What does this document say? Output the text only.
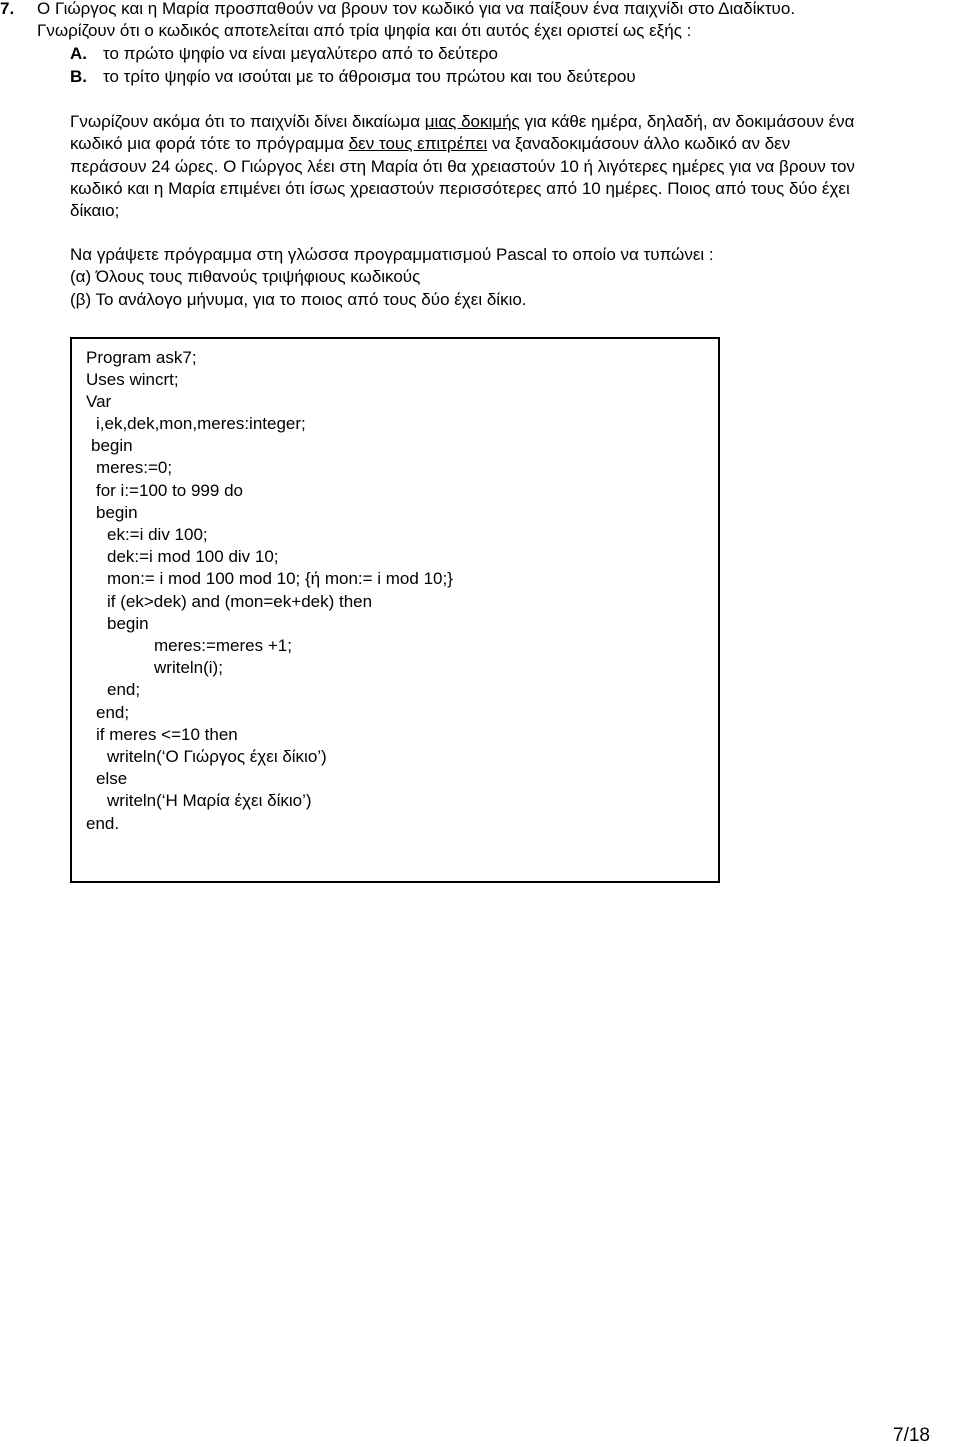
7. Ο Γιώργος και η Μαρία προσπαθούν να βρουν τον κωδικό για να παίξουν ένα παιχνίδι στο Διαδίκτυο.
Γνωρίζουν ότι ο κωδικός αποτελείται από τρία ψηφία και ότι αυτός έχει οριστεί ως εξής :
A. το πρώτο ψηφίο να είναι μεγαλύτερο από το δεύτερο
B. το τρίτο ψηφίο να ισούται με το άθροισμα του πρώτου και του δεύτερου
Γνωρίζουν ακόμα ότι το παιχνίδι δίνει δικαίωμα μιας δοκιμής για κάθε ημέρα, δηλαδή, αν δοκιμάσουν ένα
κωδικό μια φορά τότε το πρόγραμμα δεν τους επιτρέπει να ξαναδοκιμάσουν άλλο κωδικό αν δεν
περάσουν 24 ώρες. Ο Γιώργος λέει στη Μαρία ότι θα χρειαστούν 10 ή λιγότερες ημέρες για να βρουν τον
κωδικό και η Μαρία επιμένει ότι ίσως χρειαστούν περισσότερες από 10 ημέρες. Ποιος από τους δύο έχει
δίκαιο;
Να γράψετε πρόγραμμα στη γλώσσα προγραμματισμού Pascal το οποίο να τυπώνει :
(α) Όλους τους πιθανούς τριψήφιους κωδικούς
(β) Το ανάλογο μήνυμα, για το ποιος από τους δύο έχει δίκιο.
Program ask7;
Uses wincrt;
Var
i,ek,dek,mon,meres:integer;
begin
meres:=0;
for i:=100 to 999 do
begin
ek:=i div 100;
dek:=i mod 100 div 10;
mon:= i mod 100 mod 10; {ή mon:= i mod 10;}
if (ek>dek) and (mon=ek+dek) then
begin
meres:=meres +1;
writeln(i);
end;
end;
if meres <=10 then
writeln(‘Ο Γιώργος έχει δίκιο’)
else
writeln(‘Η Μαρία έχει δίκιο’)
end.
7/18
